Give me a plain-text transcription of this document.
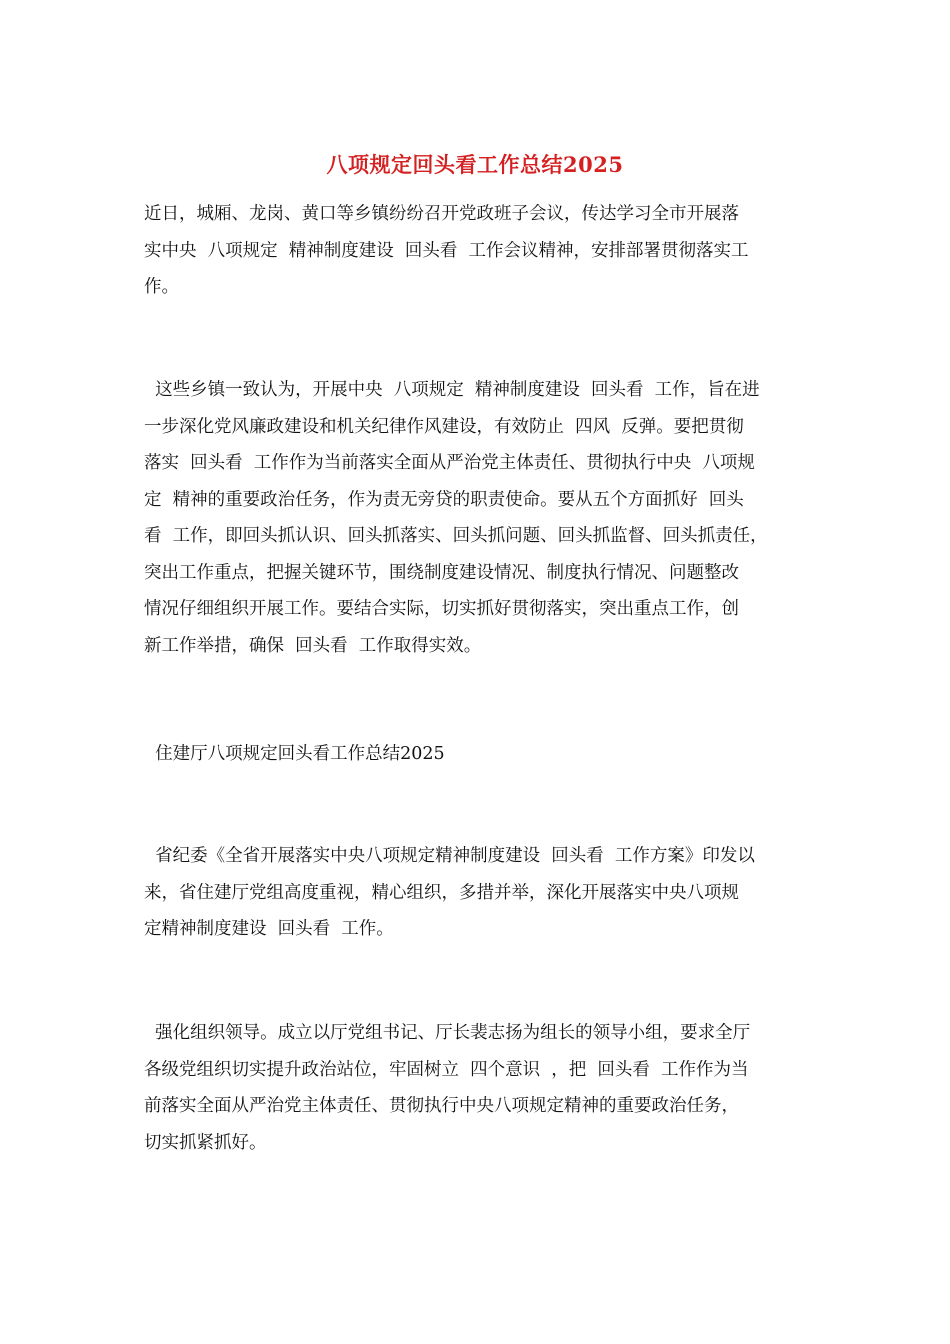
八项规定回头看工作总结2025
近日，城厢、龙岗、黄口等乡镇纷纷召开党政班子会议，传达学习全市开展落
实中央  八项规定  精神制度建设  回头看  工作会议精神，安排部署贯彻落实工
作。
这些乡镇一致认为，开展中央  八项规定  精神制度建设  回头看  工作，旨在进
一步深化党风廉政建设和机关纪律作风建设，有效防止  四风  反弹。要把贯彻
落实  回头看  工作作为当前落实全面从严治党主体责任、贯彻执行中央  八项规
定  精神的重要政治任务，作为责无旁贷的职责使命。要从五个方面抓好  回头
看  工作，即回头抓认识、回头抓落实、回头抓问题、回头抓监督、回头抓责任，
突出工作重点，把握关键环节，围绕制度建设情况、制度执行情况、问题整改
情况仔细组织开展工作。要结合实际，切实抓好贯彻落实，突出重点工作，创
新工作举措，确保  回头看  工作取得实效。
住建厅八项规定回头看工作总结2025
省纪委《全省开展落实中央八项规定精神制度建设  回头看  工作方案》印发以
来，省住建厅党组高度重视，精心组织，多措并举，深化开展落实中央八项规
定精神制度建设  回头看  工作。
强化组织领导。成立以厅党组书记、厅长裴志扬为组长的领导小组，要求全厅
各级党组织切实提升政治站位，牢固树立  四个意识  ，把  回头看  工作作为当
前落实全面从严治党主体责任、贯彻执行中央八项规定精神的重要政治任务，
切实抓紧抓好。
